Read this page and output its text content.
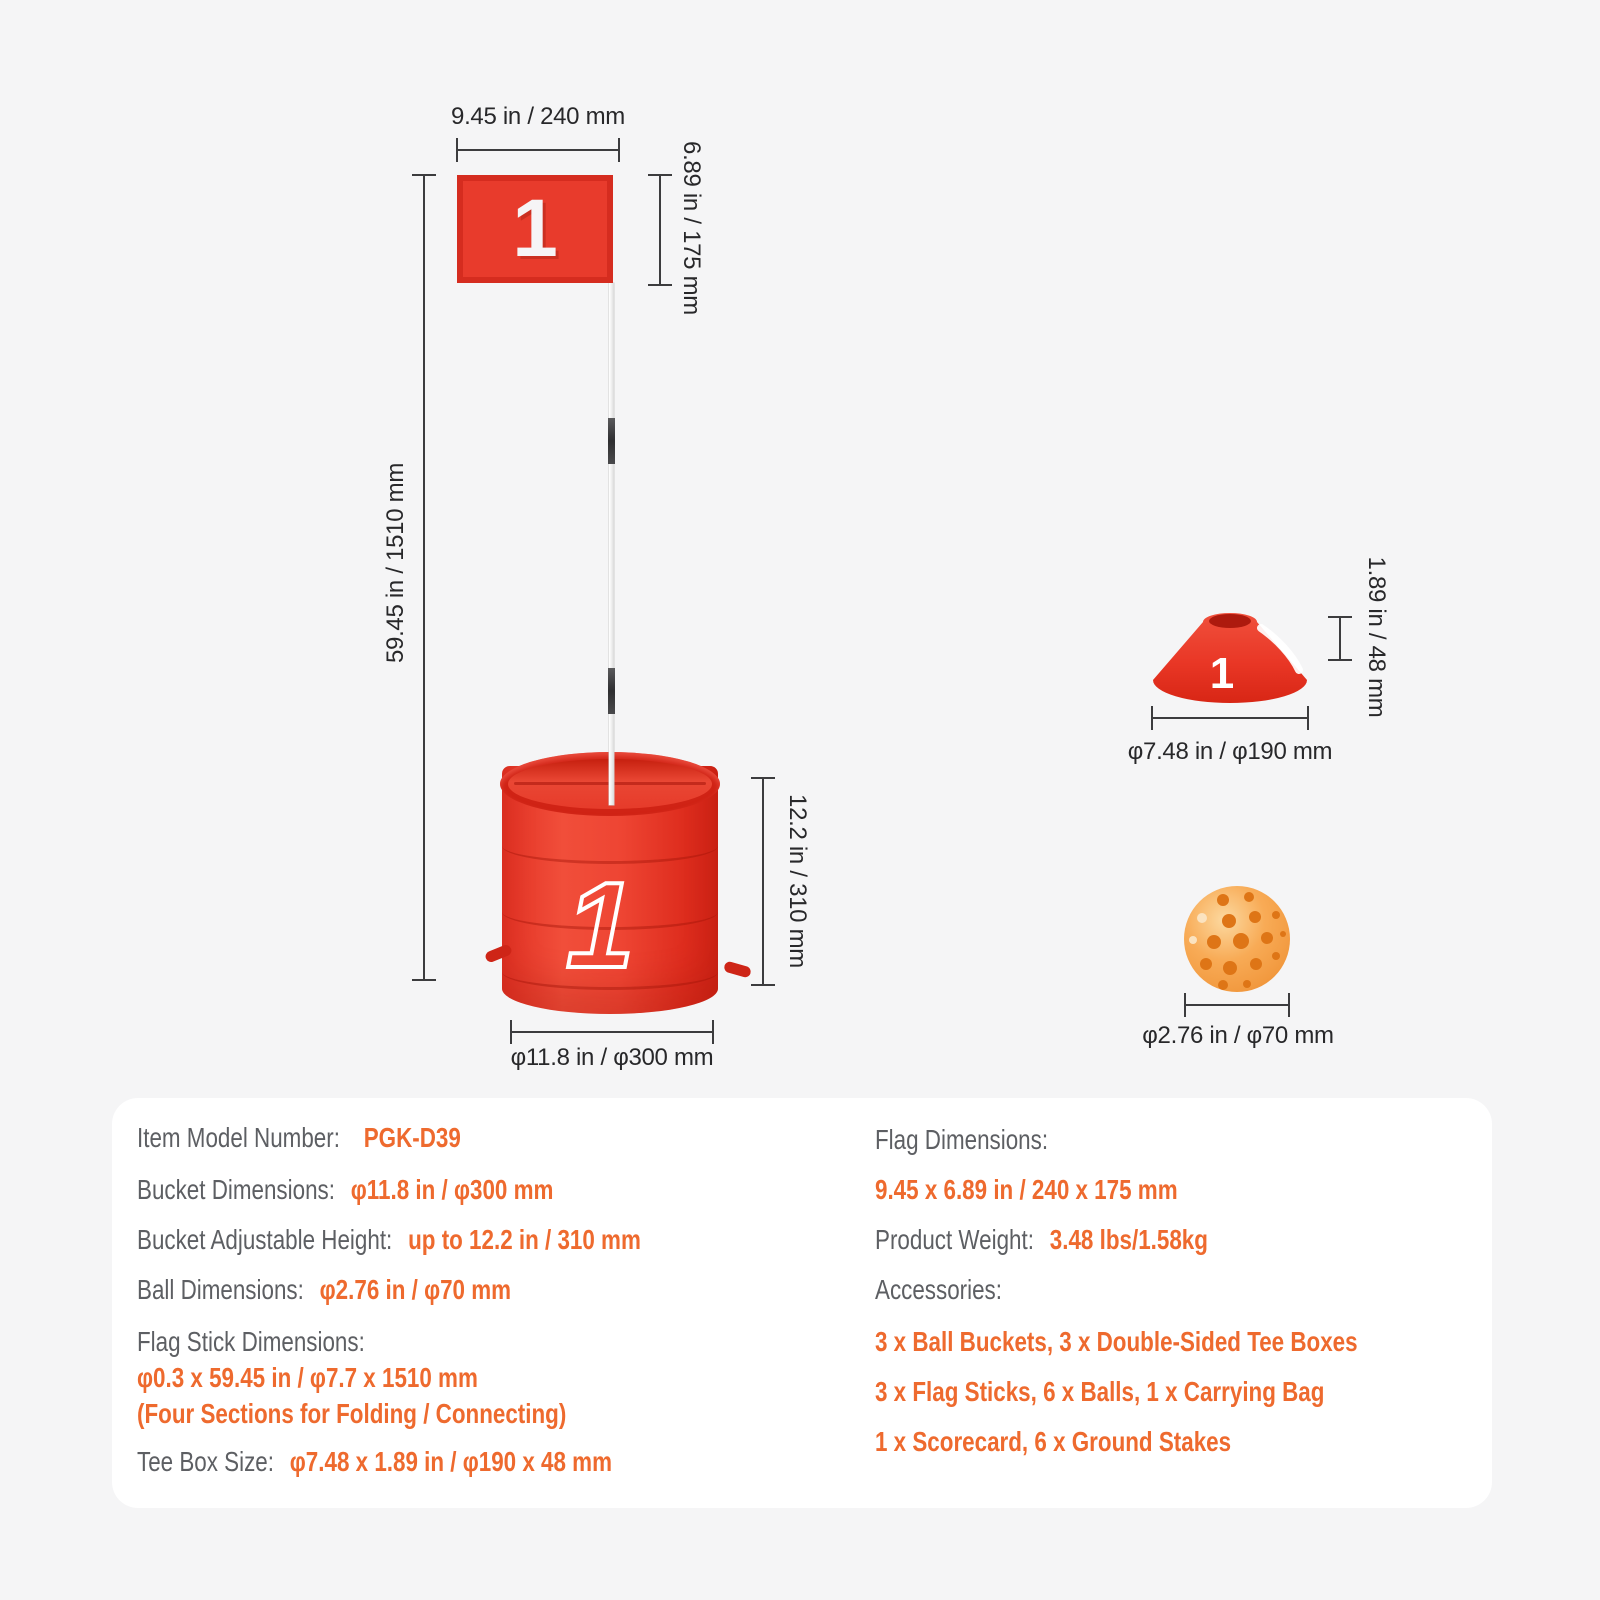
9.45 in / 240 mm
6.89 in / 175 mm
59.45 in / 1510 mm
1
1
12.2 in / 310 mm
φ11.8 in / φ300 mm
1	1.89 in / 48 mm
φ7.48 in / φ190 mm
φ2.76 in / φ70 mm
Item Model Number: PGK-D39
Bucket Dimensions: φ11.8 in / φ300 mm
Bucket Adjustable Height: up to 12.2 in / 310 mm
Ball Dimensions: φ2.76 in / φ70 mm
Flag Stick Dimensions:
φ0.3 x 59.45 in / φ7.7 x 1510 mm
(Four Sections for Folding / Connecting)
Tee Box Size: φ7.48 x 1.89 in / φ190 x 48 mm
Flag Dimensions:
9.45 x 6.89 in / 240 x 175 mm
Product Weight: 3.48 lbs/1.58kg
Accessories:
3 x Ball Buckets, 3 x Double-Sided Tee Boxes
3 x Flag Sticks, 6 x Balls, 1 x Carrying Bag
1 x Scorecard, 6 x Ground Stakes
